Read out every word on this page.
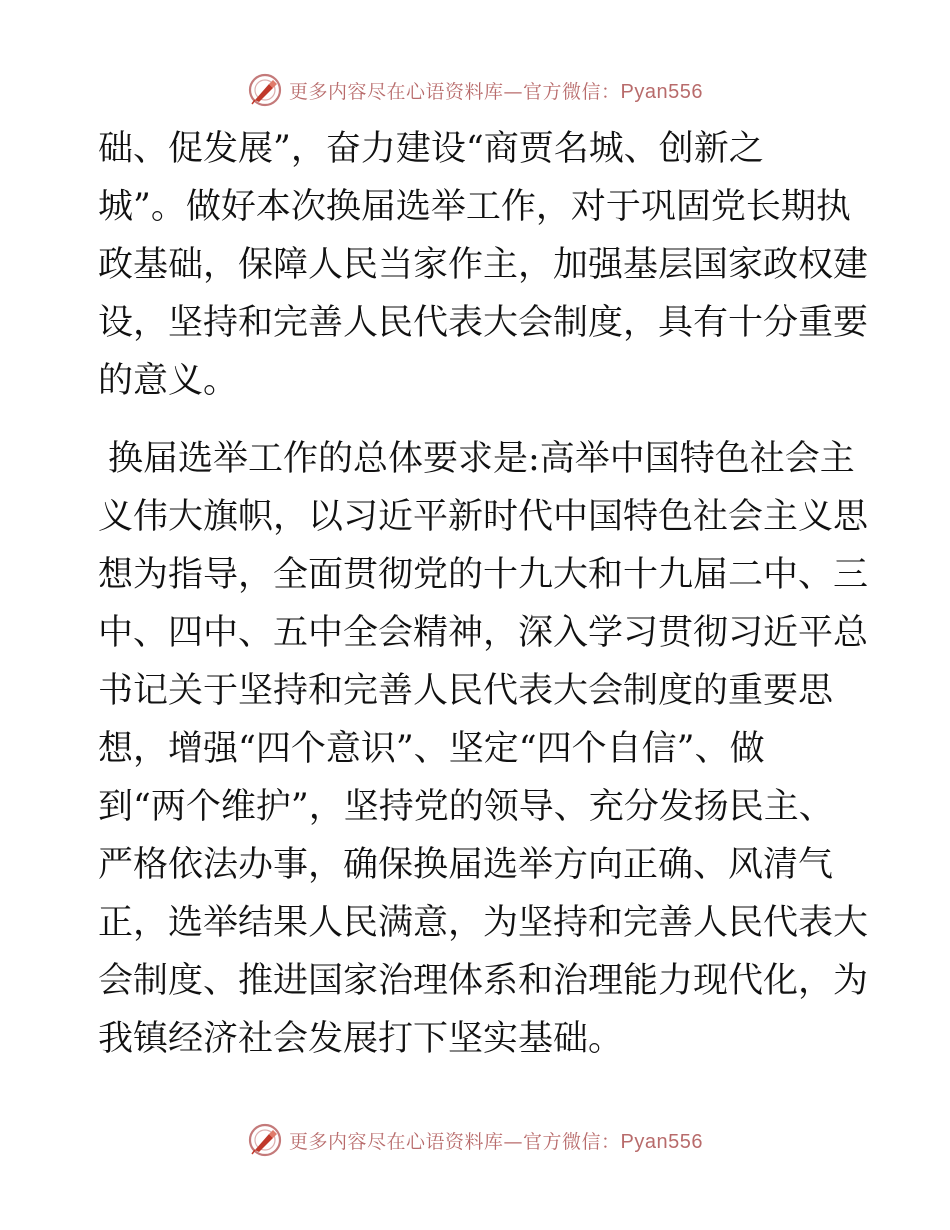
更多内容尽在心语资料库—官方微信：Pyan556

础、促发展”，奋力建设“商贾名城、创新之
城”。做好本次换届选举工作，对于巩固党长期执
政基础，保障人民当家作主，加强基层国家政权建
设，坚持和完善人民代表大会制度，具有十分重要
的意义。

换届选举工作的总体要求是:高举中国特色社会主
义伟大旗帜，以习近平新时代中国特色社会主义思
想为指导，全面贯彻党的十九大和十九届二中、三
中、四中、五中全会精神，深入学习贯彻习近平总
书记关于坚持和完善人民代表大会制度的重要思
想，增强“四个意识”、坚定“四个自信”、做
到“两个维护”，坚持党的领导、充分发扬民主、
严格依法办事，确保换届选举方向正确、风清气
正，选举结果人民满意，为坚持和完善人民代表大
会制度、推进国家治理体系和治理能力现代化，为
我镇经济社会发展打下坚实基础。

更多内容尽在心语资料库—官方微信：Pyan556
